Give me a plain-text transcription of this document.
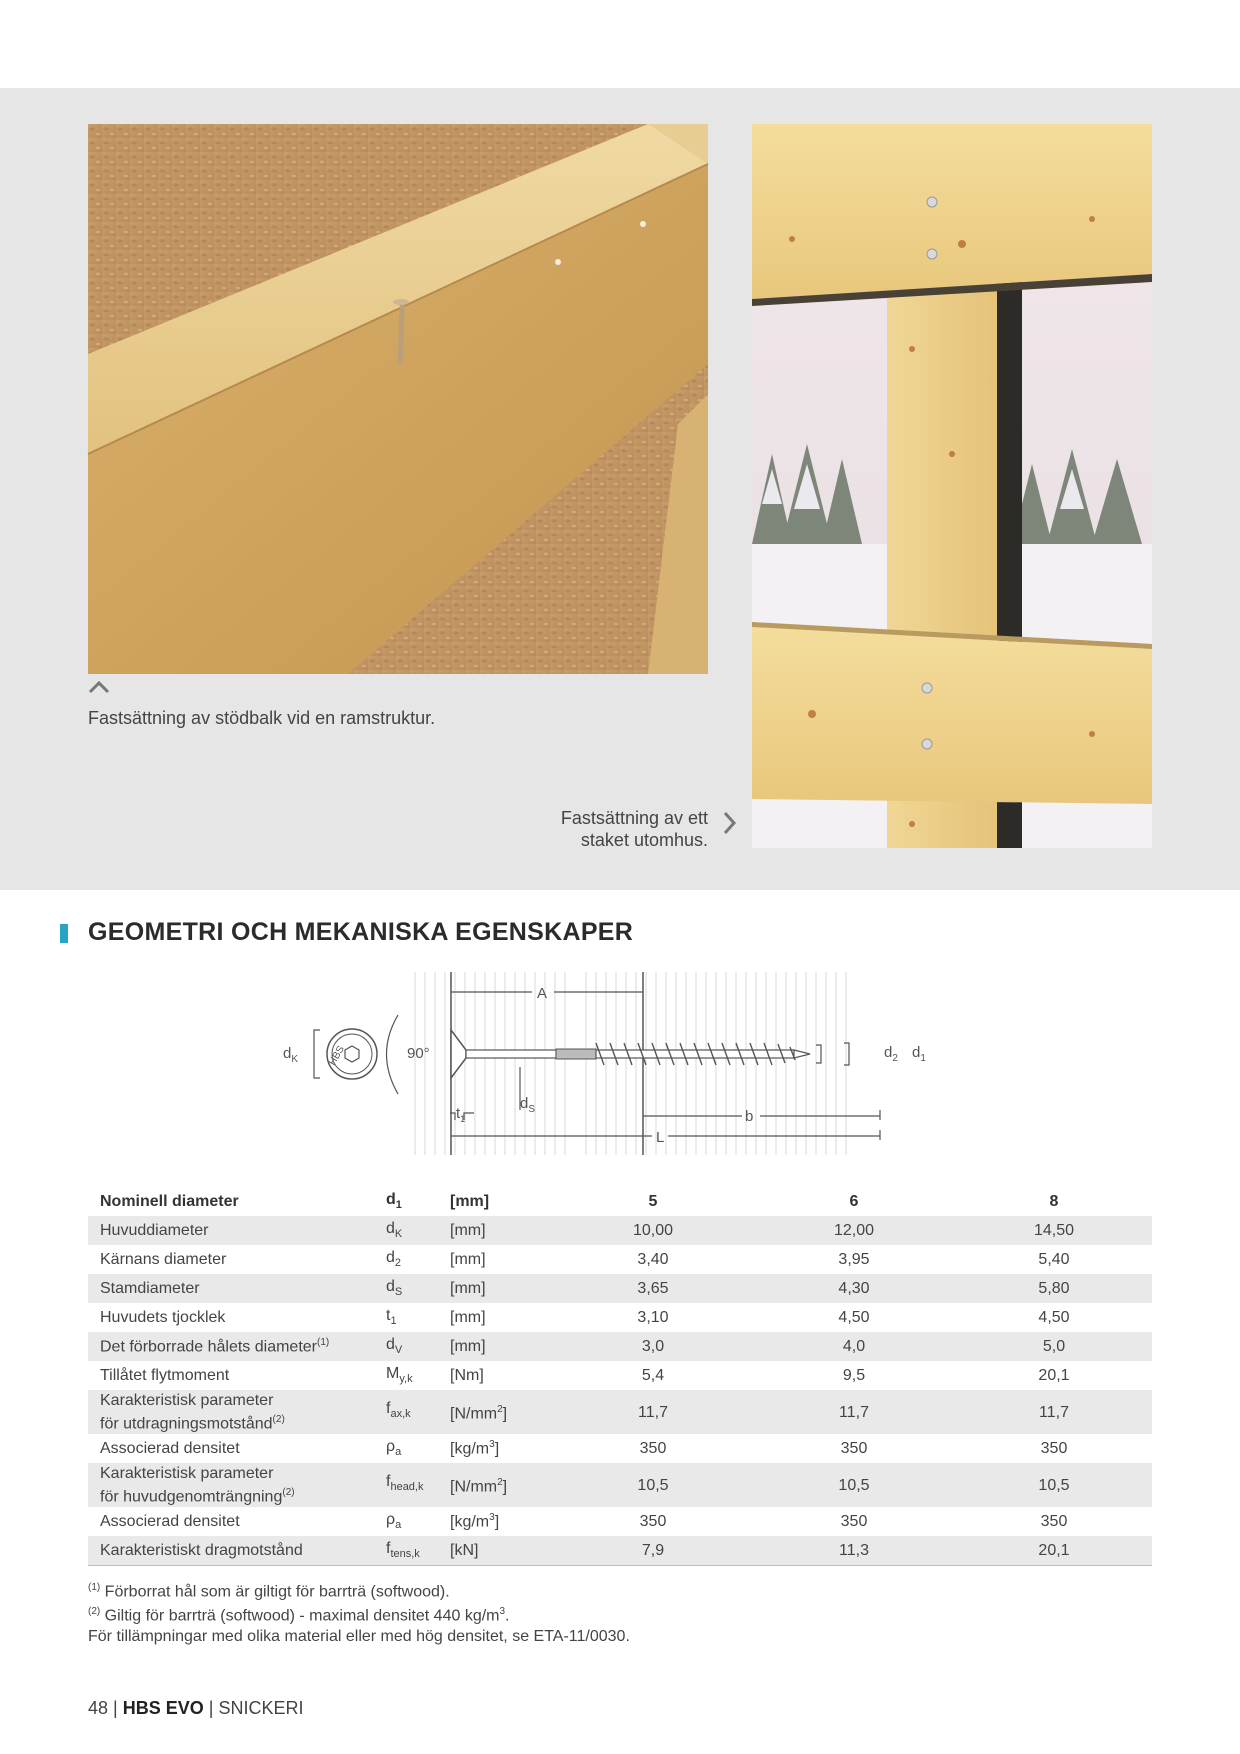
Fastsättning av stödbalk vid en ramstruktur.
Fastsättning av ett
staket utomhus.
GEOMETRI OCH MEKANISKA EGENSKAPER
A
b
L
90°
$d_K$	$d_2$ $d_1$
$d_S$
$t_1$
HBS
Nominell diameter	$d_1$	[mm]	5	6	8
Huvuddiameter	$d_K$	[mm]	10,00	12,00	14,50
Kärnans diameter	$d_2$	[mm]	3,40	3,95	5,40
Stamdiameter	$d_S$	[mm]	3,65	4,30	5,80
Huvudets tjocklek	$t_1$	[mm]	3,10	4,50	4,50
Det förborrade hålets diameter$^{(1)}$	$d_V$	[mm]	3,0	4,0	5,0
Tillåtet flytmoment	$M_{y,k}$	[Nm]	5,4	9,5	20,1

Karakteristisk parameter
för utdragningsmotstånd$^{(2)}$	$f_{ax,k}$	$[N/mm^2]$	11,7	11,7	11,7
Associerad densitet	$\rho_a$	$[kg/m^3]$	350	350	350

Karakteristisk parameter
för huvudgenomträngning$^{(2)}$	$f_{head,k}$	$[N/mm^2]$	10,5	10,5	10,5
Associerad densitet	$\rho_a$	$[kg/m^3]$	350	350	350
Karakteristiskt dragmotstånd	$f_{tens,k}$	[kN]	7,9	11,3	20,1
$^{(1)}$ Förborrat hål som är giltigt för barrträ (softwood).
$^{(2)}$ Giltig för barrträ (softwood) - maximal densitet 440 $kg/m^3$.
För tillämpningar med olika material eller med hög densitet, se ETA-11/0030.
48 | HBS EVO | SNICKERI
